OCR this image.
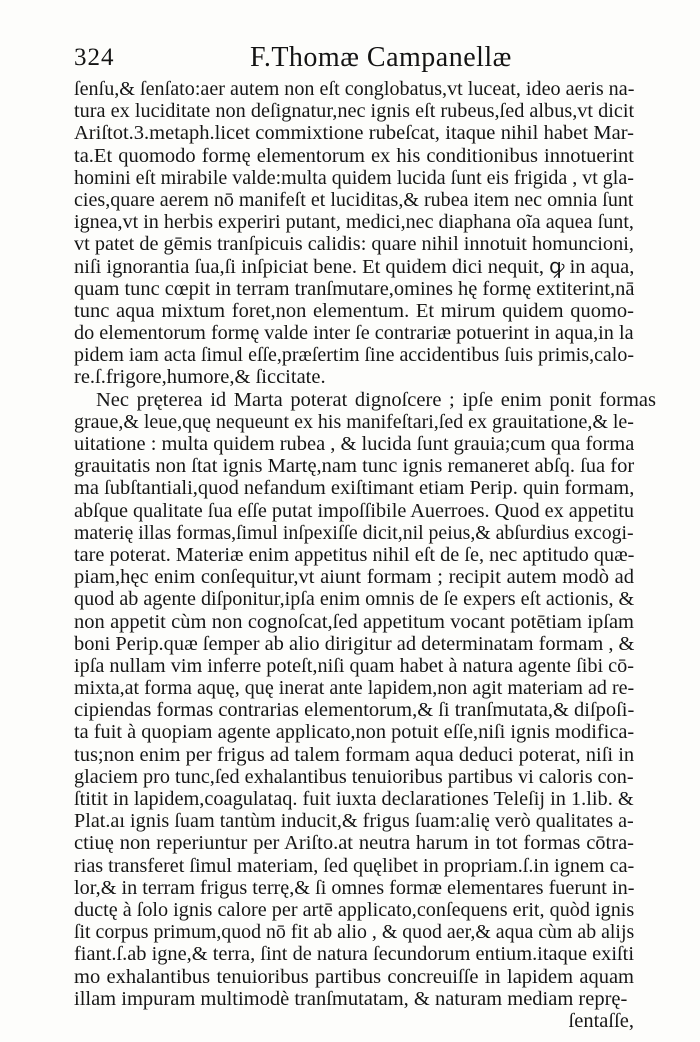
324	F.Thomæ Campanellæ
ſenſu,& ſenſato:aer autem non eſt conglobatus,vt luceat, ideo aeris na-
tura ex luciditate non deſignatur,nec ignis eſt rubeus,ſed albus,vt dicit
Ariſtot.3.metaph.licet commixtione rubeſcat, itaque nihil habet Mar-
ta.Et quomodo formę elementorum ex his conditionibus innotuerint
homini eſt mirabile valde:multa quidem lucida ſunt eis frigida , vt gla-
cies,quare aerem nō manifeſt et luciditas,& rubea item nec omnia ſunt
ignea,vt in herbis experiri putant, medici,nec diaphana oĩa aquea ſunt,
vt patet de gēmis tranſpicuis calidis: quare nihil innotuit homuncioni,
niſi ignorantia ſua,ſi inſpiciat bene. Et quidem dici nequit, ꝙ in aqua,
quam tunc cœpit in terram tranſmutare,omines hę formę extiterint,nā
tunc aqua mixtum foret,non elementum. Et mirum quidem quomo-
do elementorum formę valde inter ſe contrariæ potuerint in aqua,in la
pidem iam acta ſimul eſſe,præſertim ſine accidentibus ſuis primis,calo-
re.ſ.frigore,humore,& ſiccitate.
Nec pręterea id Marta poterat dignoſcere ; ipſe enim ponit formas
graue,& leue,quę nequeunt ex his manifeſtari,ſed ex grauitatione,& le-
uitatione : multa quidem rubea , & lucida ſunt grauia;cum qua forma
grauitatis non ſtat ignis Martę,nam tunc ignis remaneret abſq. ſua for
ma ſubſtantiali,quod nefandum exiſtimant etiam Perip. quin formam,
abſque qualitate ſua eſſe putat impoſſibile Auerroes. Quod ex appetitu
materię illas formas,ſimul inſpexiſſe dicit,nil peius,& abſurdius excogi-
tare poterat. Materiæ enim appetitus nihil eſt de ſe, nec aptitudo quæ-
piam,hęc enim conſequitur,vt aiunt formam ; recipit autem modò ad
quod ab agente diſponitur,ipſa enim omnis de ſe expers eſt actionis, &
non appetit cùm non cognoſcat,ſed appetitum vocant potētiam ipſam
boni Perip.quæ ſemper ab alio dirigitur ad determinatam formam , &
ipſa nullam vim inferre poteſt,niſi quam habet à natura agente ſibi cō-
mixta,at forma aquę, quę inerat ante lapidem,non agit materiam ad re-
cipiendas formas contrarias elementorum,& ſi tranſmutata,& diſpoſi-
ta fuit à quopiam agente applicato,non potuit eſſe,niſi ignis modifica-
tus;non enim per frigus ad talem formam aqua deduci poterat, niſi in
glaciem pro tunc,ſed exhalantibus tenuioribus partibus vi caloris con-
ſtitit in lapidem,coagulataq. fuit iuxta declarationes Teleſij in 1.lib. &
Plat.aı ignis ſuam tantùm inducit,& frigus ſuam:alię verò qualitates a-
ctiuę non reperiuntur per Ariſto.at neutra harum in tot formas cōtra-
rias transferet ſimul materiam, ſed quęlibet in propriam.ſ.in ignem ca-
lor,& in terram frigus terrę,& ſi omnes formæ elementares fuerunt in-
ductę à ſolo ignis calore per artē applicato,conſequens erit, quòd ignis
ſit corpus primum,quod nō fit ab alio , & quod aer,& aqua cùm ab alijs
fiant.ſ.ab igne,& terra, ſint de natura ſecundorum entium.itaque exiſti
mo exhalantibus tenuioribus partibus concreuiſſe in lapidem aquam
illam impuram multimodè tranſmutatam, & naturam mediam reprę-
ſentaſſe,
